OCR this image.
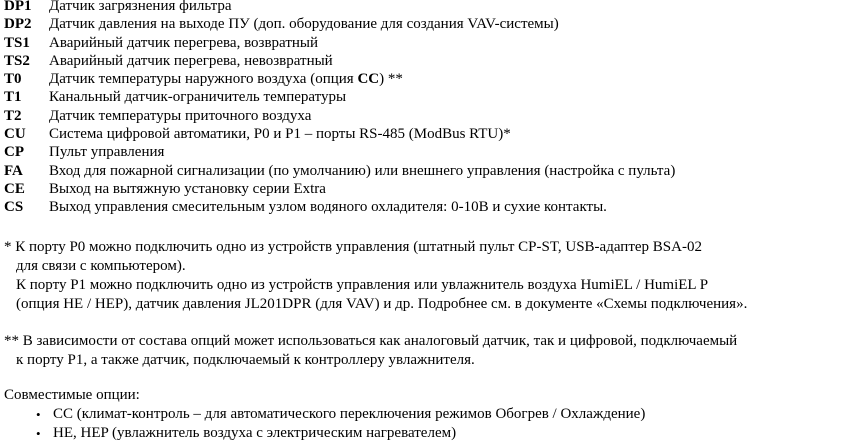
DP1	Датчик загрязнения фильтра
DP2	Датчик давления на выходе ПУ (доп. оборудование для создания VAV-системы)
TS1	Аварийный датчик перегрева, возвратный
TS2	Аварийный датчик перегрева, невозвратный
T0	Датчик температуры наружного воздуха (опция CC) **
T1	Канальный датчик-ограничитель температуры
T2	Датчик температуры приточного воздуха
CU	Система цифровой автоматики, P0 и P1 – порты RS-485 (ModBus RTU)*
CP	Пульт управления
FA	Вход для пожарной сигнализации (по умолчанию) или внешнего управления (настройка с пульта)
CE	Выход на вытяжную установку серии Extra
CS	Выход управления смесительным узлом водяного охладителя: 0-10В и сухие контакты.
* К порту P0 можно подключить одно из устройств управления (штатный пульт CP-ST, USB-адаптер BSA-02
для связи с компьютером).
К порту P1 можно подключить одно из устройств управления или увлажнитель воздуха HumiEL / HumiEL P
(опция HE / HEP), датчик давления JL201DPR (для VAV) и др. Подробнее см. в документе «Схемы подключения».
** В зависимости от состава опций может использоваться как аналоговый датчик, так и цифровой, подключаемый
к порту P1, а также датчик, подключаемый к контроллеру увлажнителя.
Совместимые опции:
• CC (климат-контроль – для автоматического переключения режимов Обогрев / Охлаждение)
• HE, HEP (увлажнитель воздуха с электрическим нагревателем)
